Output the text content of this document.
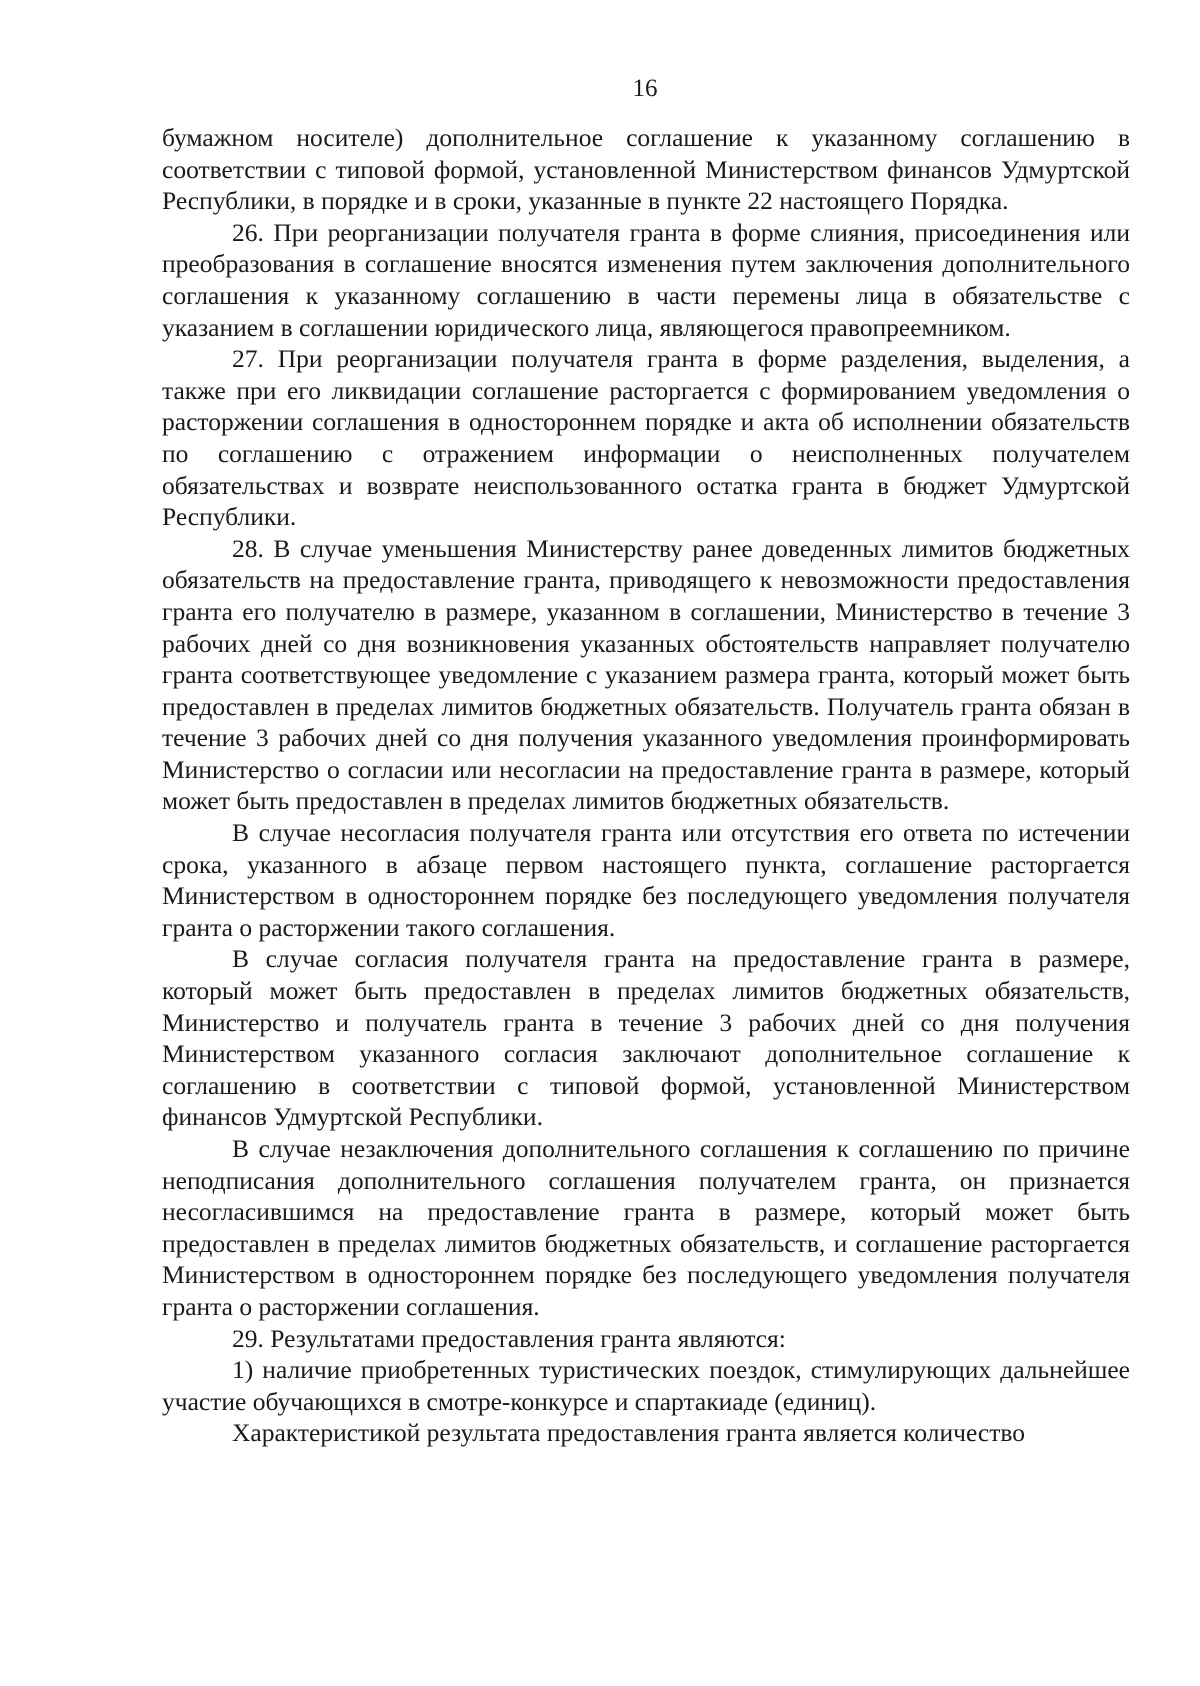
16

бумажном носителе) дополнительное соглашение к указанному соглашению в соответствии с типовой формой, установленной Министерством финансов Удмуртской Республики, в порядке и в сроки, указанные в пункте 22 настоящего Порядка.

26. При реорганизации получателя гранта в форме слияния, присоединения или преобразования в соглашение вносятся изменения путем заключения дополнительного соглашения к указанному соглашению в части перемены лица в обязательстве с указанием в соглашении юридического лица, являющегося правопреемником.

27. При реорганизации получателя гранта в форме разделения, выделения, а также при его ликвидации соглашение расторгается с формированием уведомления о расторжении соглашения в одностороннем порядке и акта об исполнении обязательств по соглашению с отражением информации о неисполненных получателем обязательствах и возврате неиспользованного остатка гранта в бюджет Удмуртской Республики.

28. В случае уменьшения Министерству ранее доведенных лимитов бюджетных обязательств на предоставление гранта, приводящего к невозможности предоставления гранта его получателю в размере, указанном в соглашении, Министерство в течение 3 рабочих дней со дня возникновения указанных обстоятельств направляет получателю гранта соответствующее уведомление с указанием размера гранта, который может быть предоставлен в пределах лимитов бюджетных обязательств. Получатель гранта обязан в течение 3 рабочих дней со дня получения указанного уведомления проинформировать Министерство о согласии или несогласии на предоставление гранта в размере, который может быть предоставлен в пределах лимитов бюджетных обязательств.

В случае несогласия получателя гранта или отсутствия его ответа по истечении срока, указанного в абзаце первом настоящего пункта, соглашение расторгается Министерством в одностороннем порядке без последующего уведомления получателя гранта о расторжении такого соглашения.

В случае согласия получателя гранта на предоставление гранта в размере, который может быть предоставлен в пределах лимитов бюджетных обязательств, Министерство и получатель гранта в течение 3 рабочих дней со дня получения Министерством указанного согласия заключают дополнительное соглашение к соглашению в соответствии с типовой формой, установленной Министерством финансов Удмуртской Республики.

В случае незаключения дополнительного соглашения к соглашению по причине неподписания дополнительного соглашения получателем гранта, он признается несогласившимся на предоставление гранта в размере, который может быть предоставлен в пределах лимитов бюджетных обязательств, и соглашение расторгается Министерством в одностороннем порядке без последующего уведомления получателя гранта о расторжении соглашения.

29. Результатами предоставления гранта являются:

1) наличие приобретенных туристических поездок, стимулирующих дальнейшее участие обучающихся в смотре-конкурсе и спартакиаде (единиц).

Характеристикой результата предоставления гранта является количество
